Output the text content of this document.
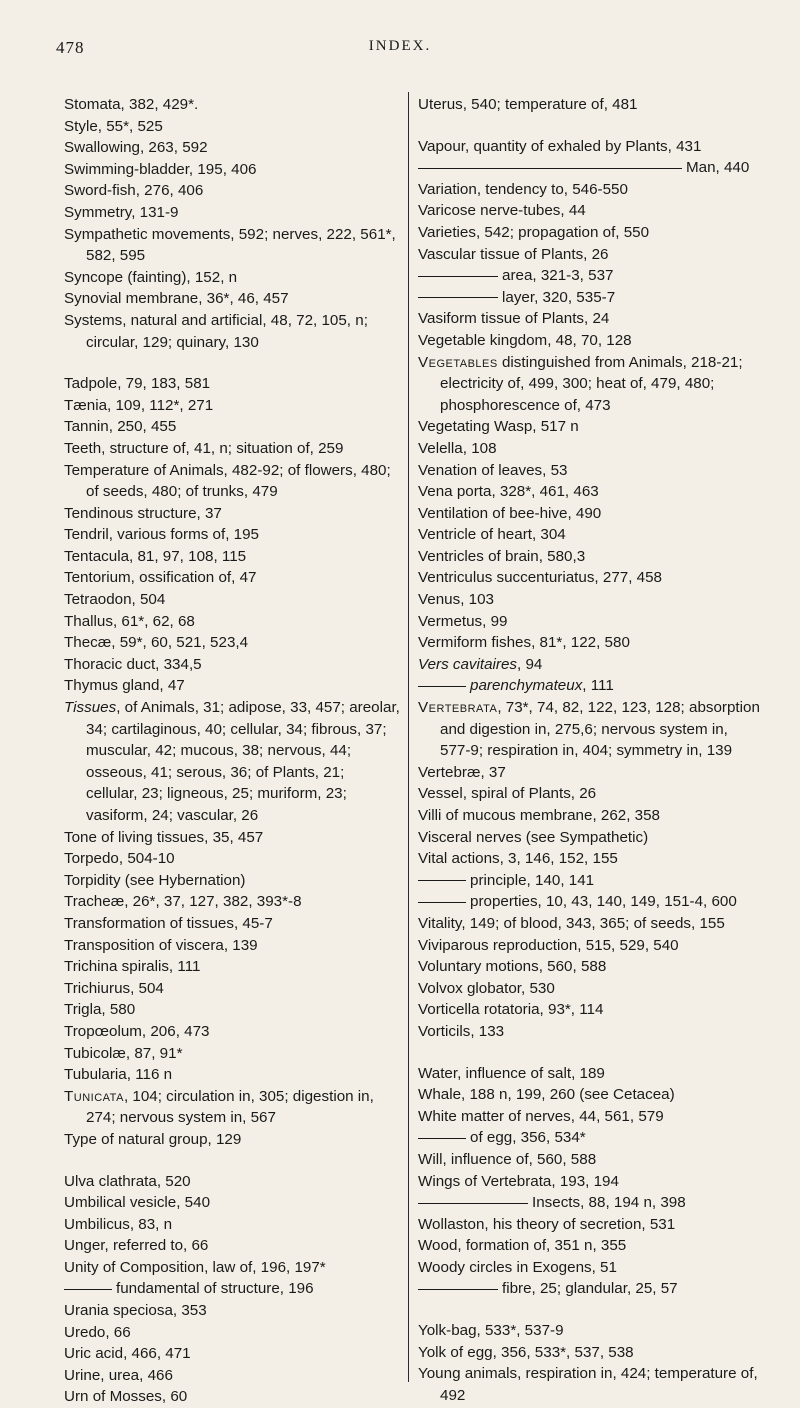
478	INDEX.

Stomata, 382, 429*.

Style, 55*, 525

Swallowing, 263, 592

Swimming-bladder, 195, 406

Sword-fish, 276, 406

Symmetry, 131-9

Sympathetic movements, 592; nerves, 222, 561*, 582, 595

Syncope (fainting), 152, n

Synovial membrane, 36*, 46, 457

Systems, natural and artificial, 48, 72, 105, n; circular, 129; quinary, 130

Tadpole, 79, 183, 581

Tænia, 109, 112*, 271

Tannin, 250, 455

Teeth, structure of, 41, n; situation of, 259

Temperature of Animals, 482-92; of flowers, 480; of seeds, 480; of trunks, 479

Tendinous structure, 37

Tendril, various forms of, 195

Tentacula, 81, 97, 108, 115

Tentorium, ossification of, 47

Tetraodon, 504

Thallus, 61*, 62, 68

Thecæ, 59*, 60, 521, 523,4

Thoracic duct, 334,5

Thymus gland, 47

Tissues, of Animals, 31; adipose, 33, 457; areolar, 34; cartilaginous, 40; cellular, 34; fibrous, 37; muscular, 42; mucous, 38; nervous, 44; osseous, 41; serous, 36; of Plants, 21; cellular, 23; ligneous, 25; muriform, 23; vasiform, 24; vascular, 26

Tone of living tissues, 35, 457

Torpedo, 504-10

Torpidity (see Hybernation)

Tracheæ, 26*, 37, 127, 382, 393*-8

Transformation of tissues, 45-7

Transposition of viscera, 139

Trichina spiralis, 111

Trichiurus, 504

Trigla, 580

Tropœolum, 206, 473

Tubicolæ, 87, 91*

Tubularia, 116 n

Tunicata, 104; circulation in, 305; digestion in, 274; nervous system in, 567

Type of natural group, 129

Ulva clathrata, 520

Umbilical vesicle, 540

Umbilicus, 83, n

Unger, referred to, 66

Unity of Composition, law of, 196, 197*

fundamental of structure, 196

Urania speciosa, 353

Uredo, 66

Uric acid, 466, 471

Urine, urea, 466

Urn of Mosses, 60

Uterus, 540; temperature of, 481

Vapour, quantity of exhaled by Plants, 431

Man, 440

Variation, tendency to, 546-550

Varicose nerve-tubes, 44

Varieties, 542; propagation of, 550

Vascular tissue of Plants, 26

area, 321-3, 537

layer, 320, 535-7

Vasiform tissue of Plants, 24

Vegetable kingdom, 48, 70, 128

Vegetables distinguished from Animals, 218-21; electricity of, 499, 300; heat of, 479, 480; phosphorescence of, 473

Vegetating Wasp, 517 n

Velella, 108

Venation of leaves, 53

Vena porta, 328*, 461, 463

Ventilation of bee-hive, 490

Ventricle of heart, 304

Ventricles of brain, 580,3

Ventriculus succenturiatus, 277, 458

Venus, 103

Vermetus, 99

Vermiform fishes, 81*, 122, 580

Vers cavitaires, 94

parenchymateux, 111

Vertebrata, 73*, 74, 82, 122, 123, 128; absorption and digestion in, 275,6; nervous system in, 577-9; respiration in, 404; symmetry in, 139

Vertebræ, 37

Vessel, spiral of Plants, 26

Villi of mucous membrane, 262, 358

Visceral nerves (see Sympathetic)

Vital actions, 3, 146, 152, 155

principle, 140, 141

properties, 10, 43, 140, 149, 151-4, 600

Vitality, 149; of blood, 343, 365; of seeds, 155

Viviparous reproduction, 515, 529, 540

Voluntary motions, 560, 588

Volvox globator, 530

Vorticella rotatoria, 93*, 114

Vorticils, 133

Water, influence of salt, 189

Whale, 188 n, 199, 260 (see Cetacea)

White matter of nerves, 44, 561, 579

of egg, 356, 534*

Will, influence of, 560, 588

Wings of Vertebrata, 193, 194

Insects, 88, 194 n, 398

Wollaston, his theory of secretion, 531

Wood, formation of, 351 n, 355

Woody circles in Exogens, 51

fibre, 25; glandular, 25, 57

Yolk-bag, 533*, 537-9

Yolk of egg, 356, 533*, 537, 538

Young animals, respiration in, 424; temperature of, 492
